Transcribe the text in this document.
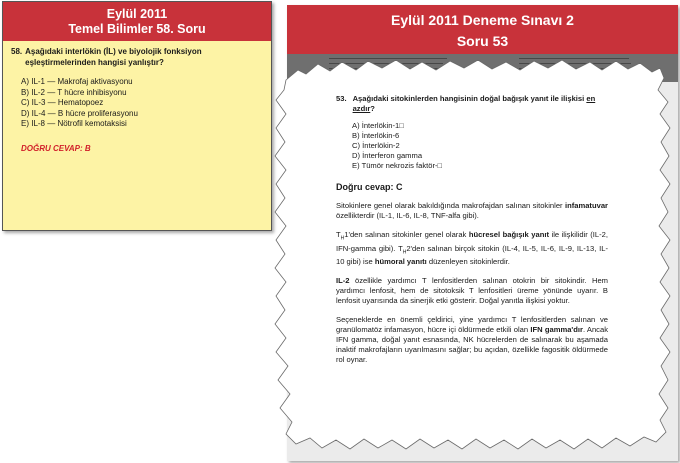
Eylül 2011
Temel Bilimler 58. Soru
58. Aşağıdaki interlökin (İL) ve biyolojik fonksiyon eşleştirmelerinden hangisi yanlıştır?
A) IL-1 — Makrofaj aktivasyonu
B) IL-2 — T hücre inhibisyonu
C) IL-3 — Hematopoez
D) IL-4 — B hücre proliferasyonu
E) IL-8 — Nötrofil kemotaksisi
DOĞRU CEVAP: B
Eylül 2011 Deneme Sınavı 2
Soru 53
53. Aşağıdaki sitokinlerden hangisinin doğal bağışık yanıt ile ilişkisi en azdır?
A) İnterlökin-1□
B) İnterlökin-6
C) İnterlökin-2
D) İnterferon gamma
E) Tümör nekrozis faktör-□
Doğru cevap: C
Sitokinlere genel olarak bakıldığında makrofajdan salınan sitokinler infamatuvar özellikterdir (IL-1, IL-6, IL-8, TNF-alfa gibi).
$T_H1'den$ salınan sitokinler genel olarak hücresel bağışık yanıt ile ilişkilidir (IL-2, IFN-gamma gibi). $T_H2'den$ salınan birçok sitokin (IL-4, IL-5, IL-6, IL-9, IL-13, IL-10 gibi) ise hümoral yanıtı düzenleyen sitokinlerdir.
IL-2 özellikle yardımcı T lenfositlerden salınan otokrin bir sitokindir. Hem yardımcı lenfosit, hem de sitotoksik T lenfositleri üreme yönünde uyarır. B lenfosit uyarısında da sinerjik etki gösterir. Doğal yanıtla ilişkisi yoktur.
Seçeneklerde en önemli çeldirici, yine yardımcı T lenfositlerden salınan ve granülomatöz infamasyon, hücre içi öldürmede etkili olan IFN gamma'dır. Ancak IFN gamma, doğal yanıt esnasında, NK hücrelerden de salınarak bu aşamada inaktif makrofajların uyarılmasını sağlar; bu açıdan, özellikle fagositik öldürmede rol oynar.
